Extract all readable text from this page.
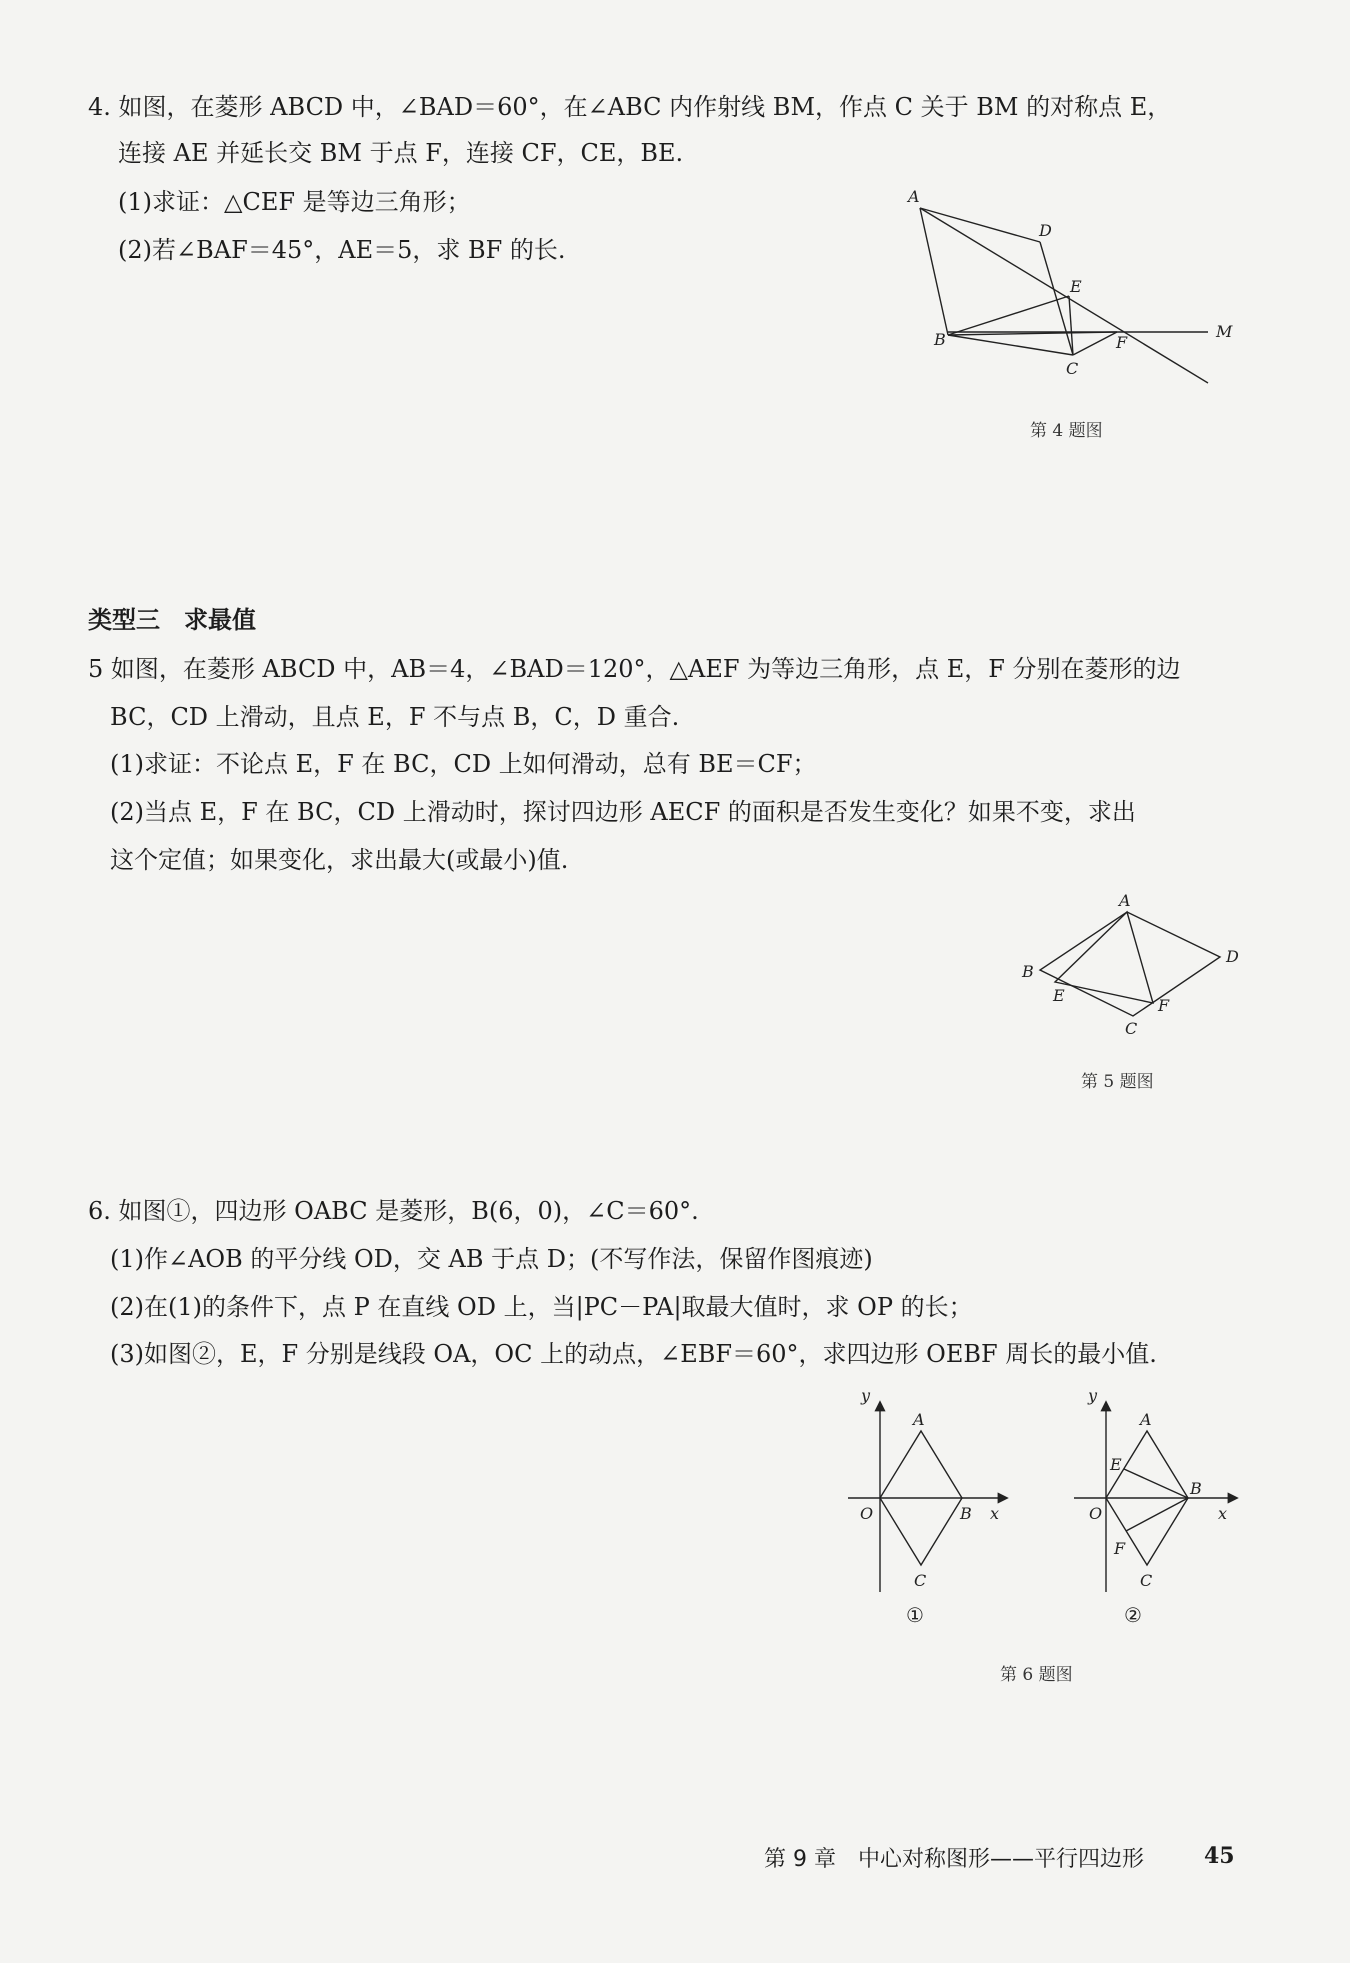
4. 如图，在菱形 ABCD 中，∠BAD＝60°，在∠ABC 内作射线 BM，作点 C 关于 BM 的对称点 E，
连接 AE 并延长交 BM 于点 F，连接 CF，CE，BE.
(1)求证：△CEF 是等边三角形；
(2)若∠BAF＝45°，AE＝5，求 BF 的长.
A
D
E
B	F
C
M
第 4 题图
类型三　求最值
5 如图，在菱形 ABCD 中，AB＝4，∠BAD＝120°，△AEF 为等边三角形，点 E，F 分别在菱形的边
BC，CD 上滑动，且点 E，F 不与点 B，C，D 重合.
(1)求证：不论点 E，F 在 BC，CD 上如何滑动，总有 BE＝CF；
(2)当点 E，F 在 BC，CD 上滑动时，探讨四边形 AECF 的面积是否发生变化？如果不变，求出
这个定值；如果变化，求出最大(或最小)值.
A
B
D
E
F
C
第 5 题图
6. 如图①，四边形 OABC 是菱形，B(6，0)，∠C＝60°.
(1)作∠AOB 的平分线 OD，交 AB 于点 D；(不写作法，保留作图痕迹)
(2)在(1)的条件下，点 P 在直线 OD 上，当|PC－PA|取最大值时，求 OP 的长；
(3)如图②，E，F 分别是线段 OA，OC 上的动点，∠EBF＝60°，求四边形 OEBF 周长的最小值.
y
A
O	B x
C
①
y
A
E
O
B
x
F
C
②
第 6 题图
第 9 章　中心对称图形——平行四边形	45
